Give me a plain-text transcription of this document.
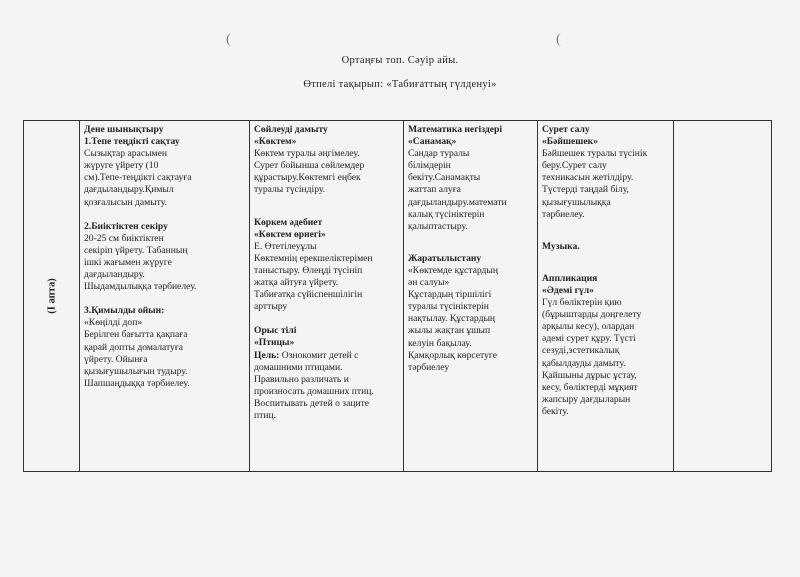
(	(
Ортаңғы топ. Сәуір айы.
Өтпелі тақырып: «Табиғаттың гүлденуі»
(І апта)

Дене шынықтыру

1.Тепе теңдікті сақтау

Сызықтар арасымен

жүруге үйрету (10

см).Тепе-теңдікті сақтауға

дағдыландыру.Қимыл

қозғалысын дамыту.

2.Биіктіктен секіру

20-25 см биіктіктен

секіріп үйрету. Табанның

ішкі жағымен жүруге

дағдыландыру.

Шыдамдылыққа тәрбиелеу.

3.Қимылды ойын:

«Көңілді доп»

Берілген бағытта қақпаға

қарай допты домалатуға

үйрету. Ойынға

қызығушылығын тудыру.

Шапшаңдыққа тәрбиелеу.

Сөйлеуді дамыту

«Көктем»

Көктем туралы әңгімелеу.

Сурет бойынша сөйлемдер

құрастыру.Көктемгі еңбек

туралы түсіндіру.

Көркем әдебиет

«Көктем өрнегі»

Е. Өтетілеуұлы

Көктемнің ерекшеліктерімен

таныстыру. Өлеңді түсініп

жатқа айтуға үйрету.

Табиғатқа сүйіспеншілігін

арттыру

Орыс тілі

«Птицы»

Цель: Ознокомит детей с

домашними птицами.

Правильно различать и

произносать домашних птиц.

Воспитывать детей о заците

птиц.

Математика негіздері

«Санамақ»

Сандар туралы

білімдерін

бекіту.Санамақты

жаттап алуға

дағдыландыру.математи

калық түсініктерін

қалыптастыру.

Жаратылыстану

«Көктемде құстардың

ән салуы»

Құстардың тіршілігі

туралы түсініктерін

нақтылау. Құстардың

жылы жақтан ұшып

келуін бақылау.

Қамқорлық көрсетуге

тәрбиелеу

Сурет салу

«Бәйшешек»

Бәйшешек туралы түсінік

беру.Сурет салу

техникасын жетілдіру.

Түстерді таңдай білу,

қызығушылыққа

тәрбиелеу.

Музыка.

Аппликация

«Әдемі гүл»

Гүл бөліктерін қию

(бұрыштарды доңгелету

арқылы кесу), олардан

әдемі сурет құру. Түсті

сезуді,эстетикалық

қабылдауды дамыту.

Қайшыны дұрыс ұстау,

кесу, бөліктерді мұқият

жапсыру дағдыларын

бекіту.
